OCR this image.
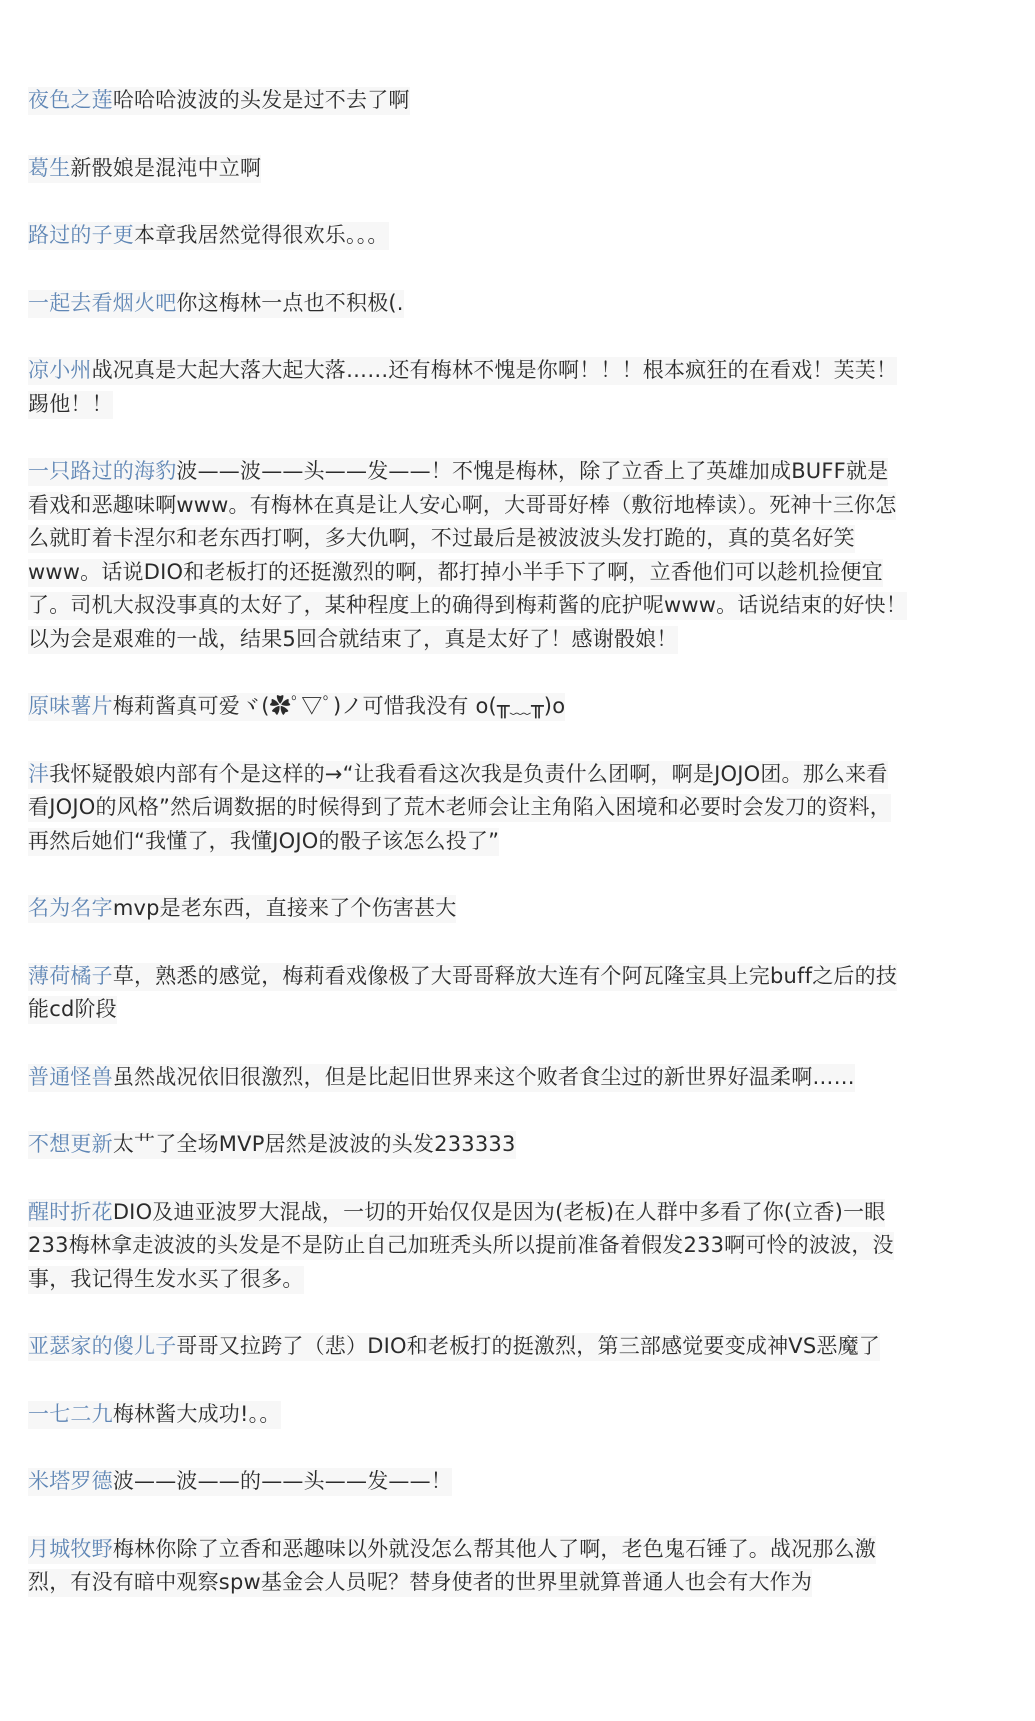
夜色之莲哈哈哈波波的头发是过不去了啊
葛生新骰娘是混沌中立啊
路过的子更本章我居然觉得很欢乐。。。
一起去看烟火吧你这梅林一点也不积极(.
凉小州战况真是大起大落大起大落……还有梅林不愧是你啊！！！根本疯狂的在看戏！芙芙！踢他！！
一只路过的海豹波——波——头——发——！不愧是梅林，除了立香上了英雄加成BUFF就是看戏和恶趣味啊www。有梅林在真是让人安心啊，大哥哥好棒（敷衍地棒读）。死神十三你怎么就盯着卡涅尔和老东西打啊，多大仇啊，不过最后是被波波头发打跪的，真的莫名好笑www。话说DIO和老板打的还挺激烈的啊，都打掉小半手下了啊，立香他们可以趁机捡便宜了。司机大叔没事真的太好了，某种程度上的确得到梅莉酱的庇护呢www。话说结束的好快！以为会是艰难的一战，结果5回合就结束了，真是太好了！感谢骰娘！
原味薯片梅莉酱真可爱ヾ(✿ﾟ▽ﾟ)ノ可惜我没有 o(╥﹏╥)o
沣我怀疑骰娘内部有个是这样的→“让我看看这次我是负责什么团啊，啊是JOJO团。那么来看看JOJO的风格”然后调数据的时候得到了荒木老师会让主角陷入困境和必要时会发刀的资料，再然后她们“我懂了，我懂JOJO的骰子该怎么投了”
名为名字mvp是老东西，直接来了个伤害甚大
薄荷橘子草，熟悉的感觉，梅莉看戏像极了大哥哥释放大连有个阿瓦隆宝具上完buff之后的技能cd阶段
普通怪兽虽然战况依旧很激烈，但是比起旧世界来这个败者食尘过的新世界好温柔啊……
不想更新太艹了全场MVP居然是波波的头发233333
醒时折花DIO及迪亚波罗大混战，一切的开始仅仅是因为(老板)在人群中多看了你(立香)一眼233梅林拿走波波的头发是不是防止自己加班秃头所以提前准备着假发233啊可怜的波波，没事，我记得生发水买了很多。
亚瑟家的傻儿子哥哥又拉跨了（悲）DIO和老板打的挺激烈，第三部感觉要变成神VS恶魔了
一七二九梅林酱大成功!。。
米塔罗德波——波——的——头——发——！
月城牧野梅林你除了立香和恶趣味以外就没怎么帮其他人了啊，老色鬼石锤了。战况那么激烈，有没有暗中观察spw基金会人员呢？替身使者的世界里就算普通人也会有大作为
